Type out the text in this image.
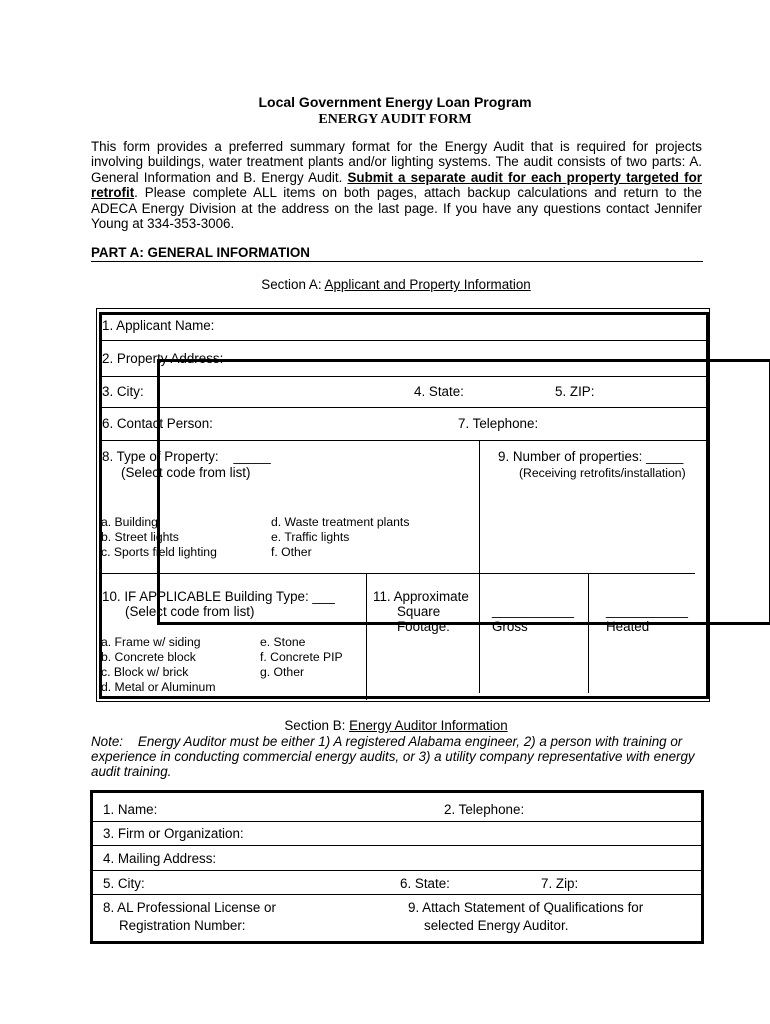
Local Government Energy Loan Program
ENERGY AUDIT FORM
This form provides a preferred summary format for the Energy Audit that is required for projects involving buildings, water treatment plants and/or lighting systems. The audit consists of two parts: A. General Information and B. Energy Audit. Submit a separate audit for each property targeted for retrofit. Please complete ALL items on both pages, attach backup calculations and return to the ADECA Energy Division at the address on the last page. If you have any questions contact Jennifer Young at 334-353-3006.
PART A: GENERAL INFORMATION
Section A: Applicant and Property Information
1. Applicant Name:
2. Property Address:
3. City:	4. State:	5. ZIP:
6. Contact Person:	7. Telephone:
8. Type of Property: _____
(Select code from list)
9. Number of properties: _____
(Receiving retrofits/installation)
a. Building
b. Street lights
c. Sports field lighting
d. Waste treatment plants
e. Traffic lights
f. Other
10. IF APPLICABLE Building Type: ___
(Select code from list)
a. Frame w/ siding
b. Concrete block
c. Block w/ brick
d. Metal or Aluminum
e. Stone
f. Concrete PIP
g. Other
11. Approximate
Square
Footage:
___________
Gross
___________
Heated
Section B: Energy Auditor Information
Note: Energy Auditor must be either 1) A registered Alabama engineer, 2) a person with training or experience in conducting commercial energy audits, or 3) a utility company representative with energy audit training.
1. Name:	2. Telephone:
3. Firm or Organization:
4. Mailing Address:
5. City:	6. State:	7. Zip:
8. AL Professional License or
Registration Number:
9. Attach Statement of Qualifications for
selected Energy Auditor.
